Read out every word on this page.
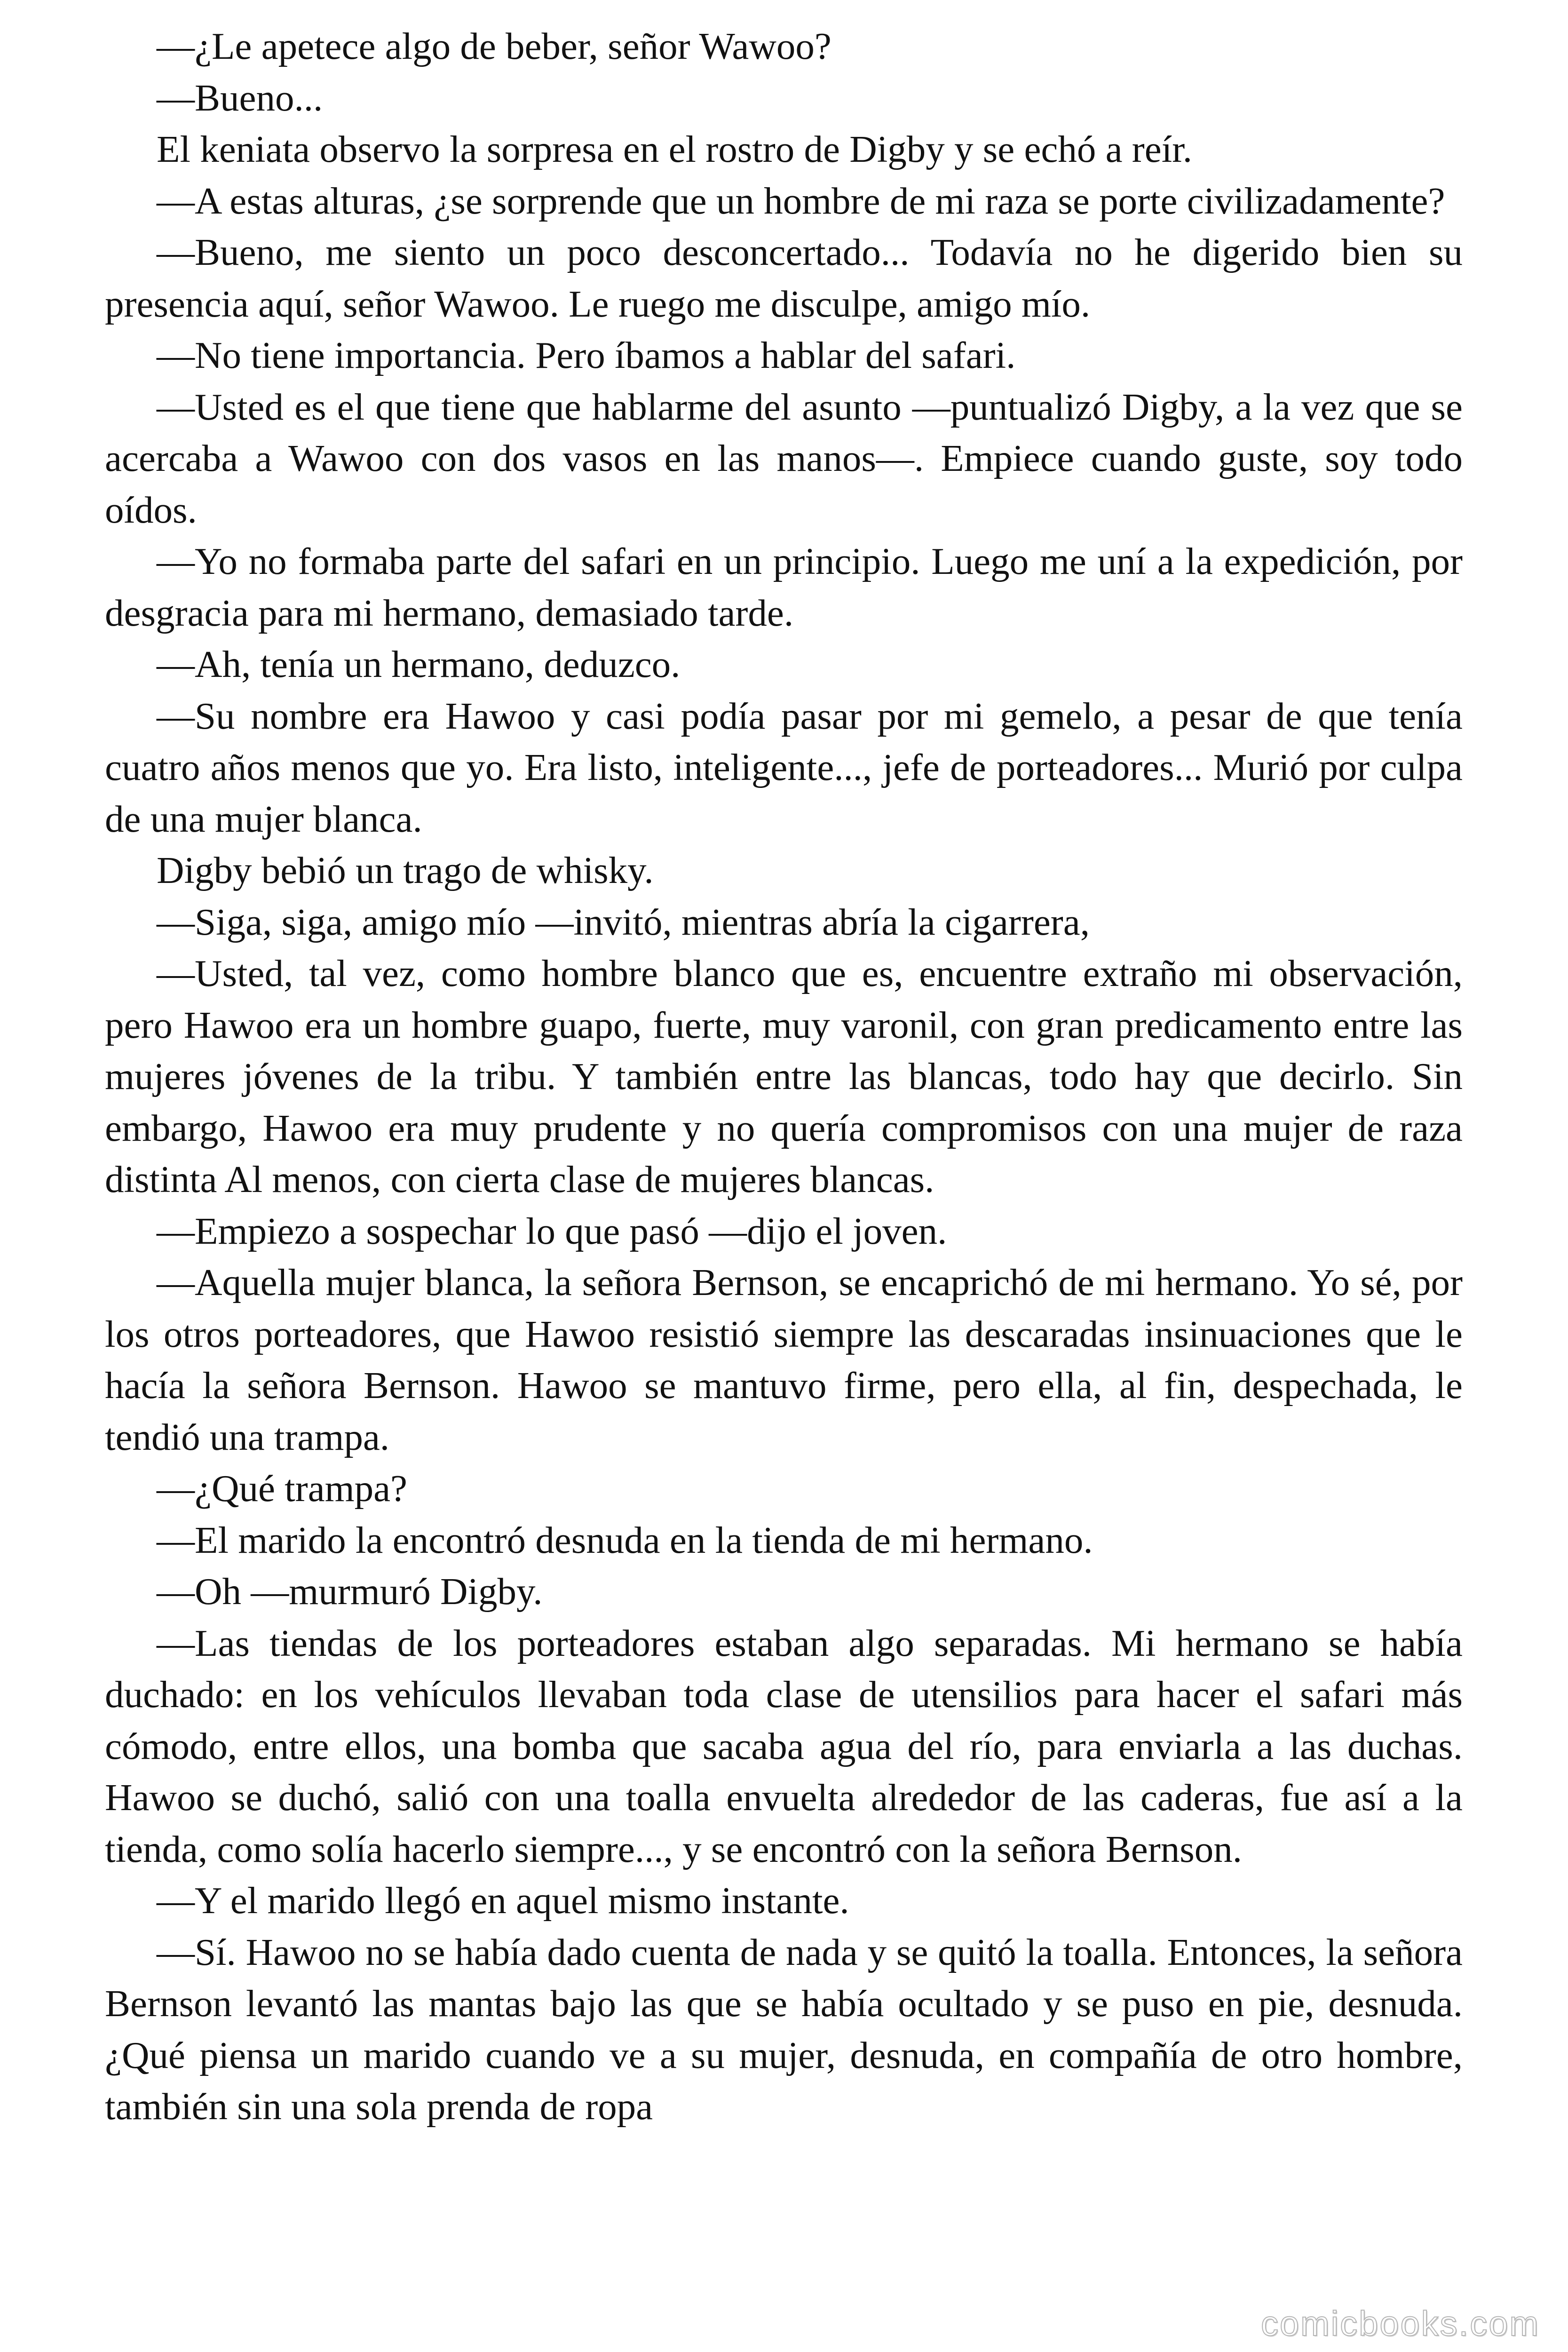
—¿Le apetece algo de beber, señor Wawoo?

—Bueno...

El keniata observo la sorpresa en el rostro de Digby y se echó a reír.

—A estas alturas, ¿se sorprende que un hombre de mi raza se porte civilizadamente?

—Bueno, me siento un poco desconcertado... Todavía no he digerido bien su presencia aquí, señor Wawoo. Le ruego me disculpe, amigo mío.

—No tiene importancia. Pero íbamos a hablar del safari.

—Usted es el que tiene que hablarme del asunto —puntualizó Digby, a la vez que se acercaba a Wawoo con dos vasos en las manos—. Empiece cuando guste, soy todo oídos.

—Yo no formaba parte del safari en un principio. Luego me uní a la expedición, por desgracia para mi hermano, demasiado tarde.

—Ah, tenía un hermano, deduzco.

—Su nombre era Hawoo y casi podía pasar por mi gemelo, a pesar de que tenía cuatro años menos que yo. Era listo, inteligente..., jefe de porteadores... Murió por culpa de una mujer blanca.

Digby bebió un trago de whisky.

—Siga, siga, amigo mío —invitó, mientras abría la cigarrera,

—Usted, tal vez, como hombre blanco que es, encuentre extraño mi observación, pero Hawoo era un hombre guapo, fuerte, muy varonil, con gran predicamento entre las mujeres jóvenes de la tribu. Y también entre las blancas, todo hay que decirlo. Sin embargo, Hawoo era muy prudente y no quería compromisos con una mujer de raza distinta Al menos, con cierta clase de mujeres blancas.

—Empiezo a sospechar lo que pasó —dijo el joven.

—Aquella mujer blanca, la señora Bernson, se encaprichó de mi hermano. Yo sé, por los otros porteadores, que Hawoo resistió siempre las descaradas insinuaciones que le hacía la señora Bernson. Hawoo se mantuvo firme, pero ella, al fin, despechada, le tendió una trampa.

—¿Qué trampa?

—El marido la encontró desnuda en la tienda de mi hermano.

—Oh —murmuró Digby.

—Las tiendas de los porteadores estaban algo separadas. Mi hermano se había duchado: en los vehículos llevaban toda clase de utensilios para hacer el safari más cómodo, entre ellos, una bomba que sacaba agua del río, para enviarla a las duchas. Hawoo se duchó, salió con una toalla envuelta alrededor de las caderas, fue así a la tienda, como solía hacerlo siempre..., y se encontró con la señora Bernson.

—Y el marido llegó en aquel mismo instante.

—Sí. Hawoo no se había dado cuenta de nada y se quitó la toalla. Entonces, la señora Bernson levantó las mantas bajo las que se había ocultado y se puso en pie, desnuda. ¿Qué piensa un marido cuando ve a su mujer, desnuda, en compañía de otro hombre, también sin una sola prenda de ropa

comicbooks.com
